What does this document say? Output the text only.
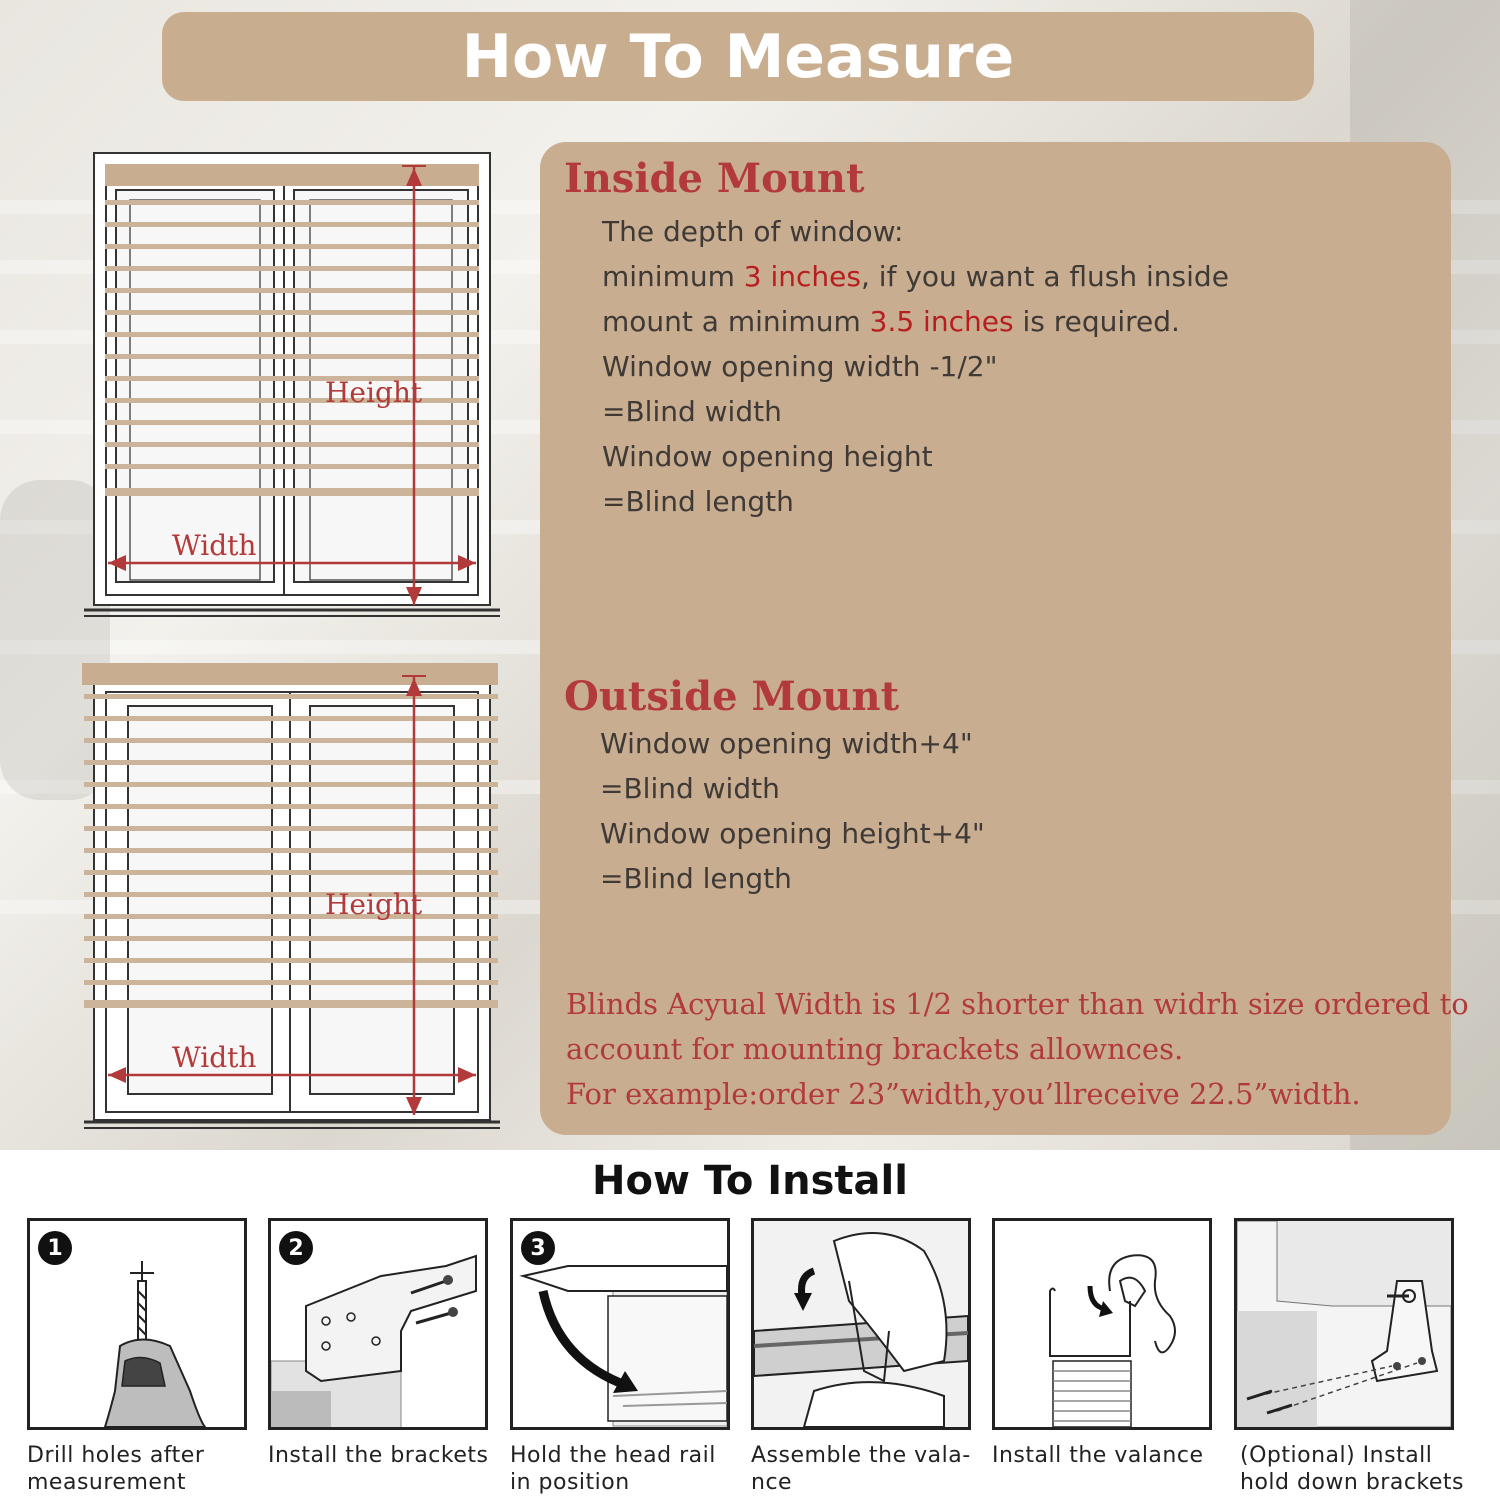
How To Measure
Height
Width
Height
Width
Inside Mount
The depth of window:
minimum 3 inches, if you want a flush inside
mount a minimum 3.5 inches is required.
Window opening width -1/2"
=Blind width
Window opening height
=Blind length
Outside Mount
Window opening width+4"
=Blind width
Window opening height+4"
=Blind length
Blinds Acyual Width is 1/2 shorter than widrh size ordered to
account for mounting brackets allownces.
For example:order 23”width,you’llreceive 22.5”width.
How To Install
1
Drill holes after
measurement
2
Install the brackets
3
Hold the head rail
in position
Assemble the vala-
nce
Install the valance	(Optional) Install
hold down brackets
